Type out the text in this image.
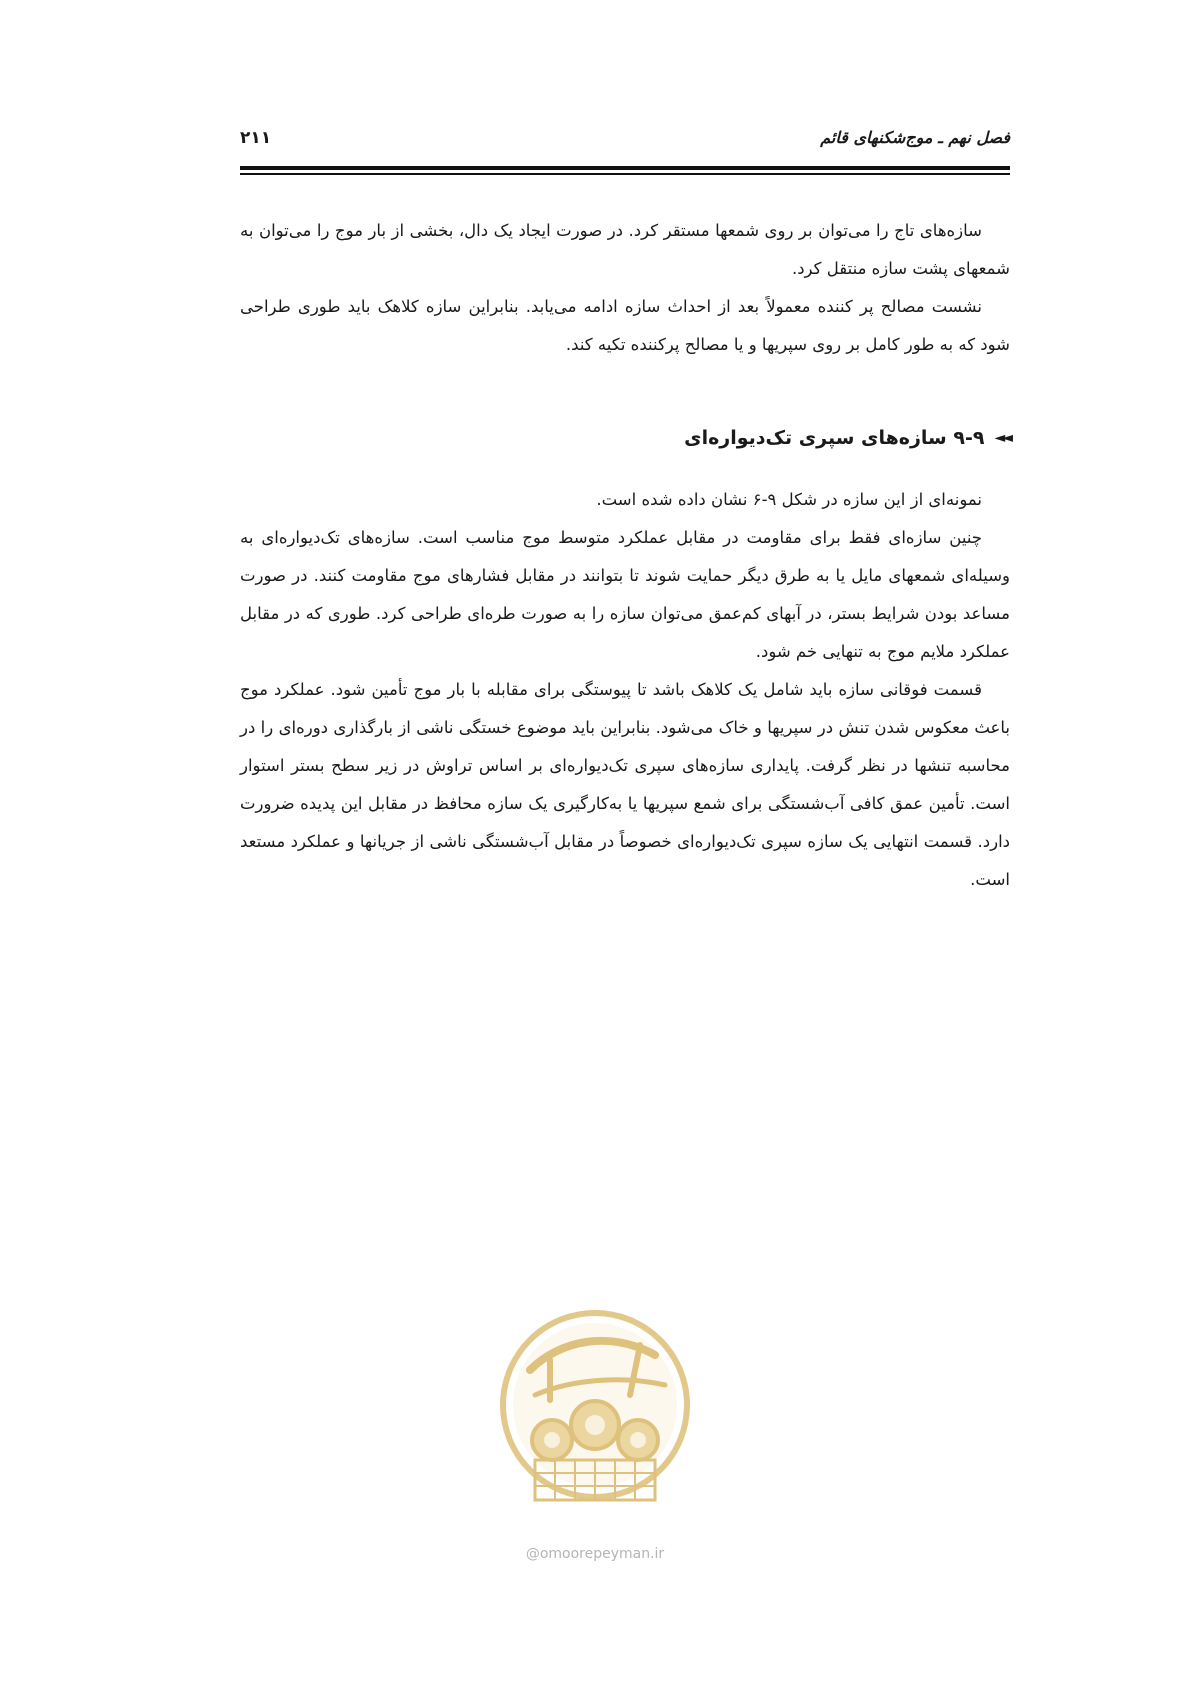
فصل نهم ـ موج‌شکنهای قائم
۲۱۱

سازه‌های تاج را می‌توان بر روی شمعها مستقر کرد. در صورت ایجاد یک دال، بخشی از بار موج را می‌توان به شمعهای پشت سازه منتقل کرد.

نشست مصالح پر کننده معمولاً بعد از احداث سازه ادامه می‌یابد. بنابراین سازه کلاهک باید طوری طراحی شود که به طور کامل بر روی سپریها و یا مصالح پرکننده تکیه کند.

◄◄
۹-۹ سازه‌های سپری تک‌دیواره‌ای

نمونه‌ای از این سازه در شکل ۹-۶ نشان داده شده است.

چنین سازه‌ای فقط برای مقاومت در مقابل عملکرد متوسط موج مناسب است. سازه‌های تک‌دیواره‌ای به وسیله‌ای شمعهای مایل یا به طرق دیگر حمایت شوند تا بتوانند در مقابل فشارهای موج مقاومت کنند. در صورت مساعد بودن شرایط بستر، در آبهای کم‌عمق می‌توان سازه را به صورت طره‌ای طراحی کرد. طوری که در مقابل عملکرد ملایم موج به تنهایی خم شود.

قسمت فوقانی سازه باید شامل یک کلاهک باشد تا پیوستگی برای مقابله با بار موج تأمین شود. عملکرد موج باعث معکوس شدن تنش در سپریها و خاک می‌شود. بنابراین باید موضوع خستگی ناشی از بارگذاری دوره‌ای را در محاسبه تنشها در نظر گرفت. پایداری سازه‌های سپری تک‌دیواره‌ای بر اساس تراوش در زیر سطح بستر استوار است. تأمین عمق کافی آب‌شستگی برای شمع سپریها یا به‌کارگیری یک سازه محافظ در مقابل این پدیده ضرورت دارد. قسمت انتهایی یک سازه سپری تک‌دیواره‌ای خصوصاً در مقابل آب‌شستگی ناشی از جریانها و عملکرد مستعد است.

@omoorepeyman.ir
